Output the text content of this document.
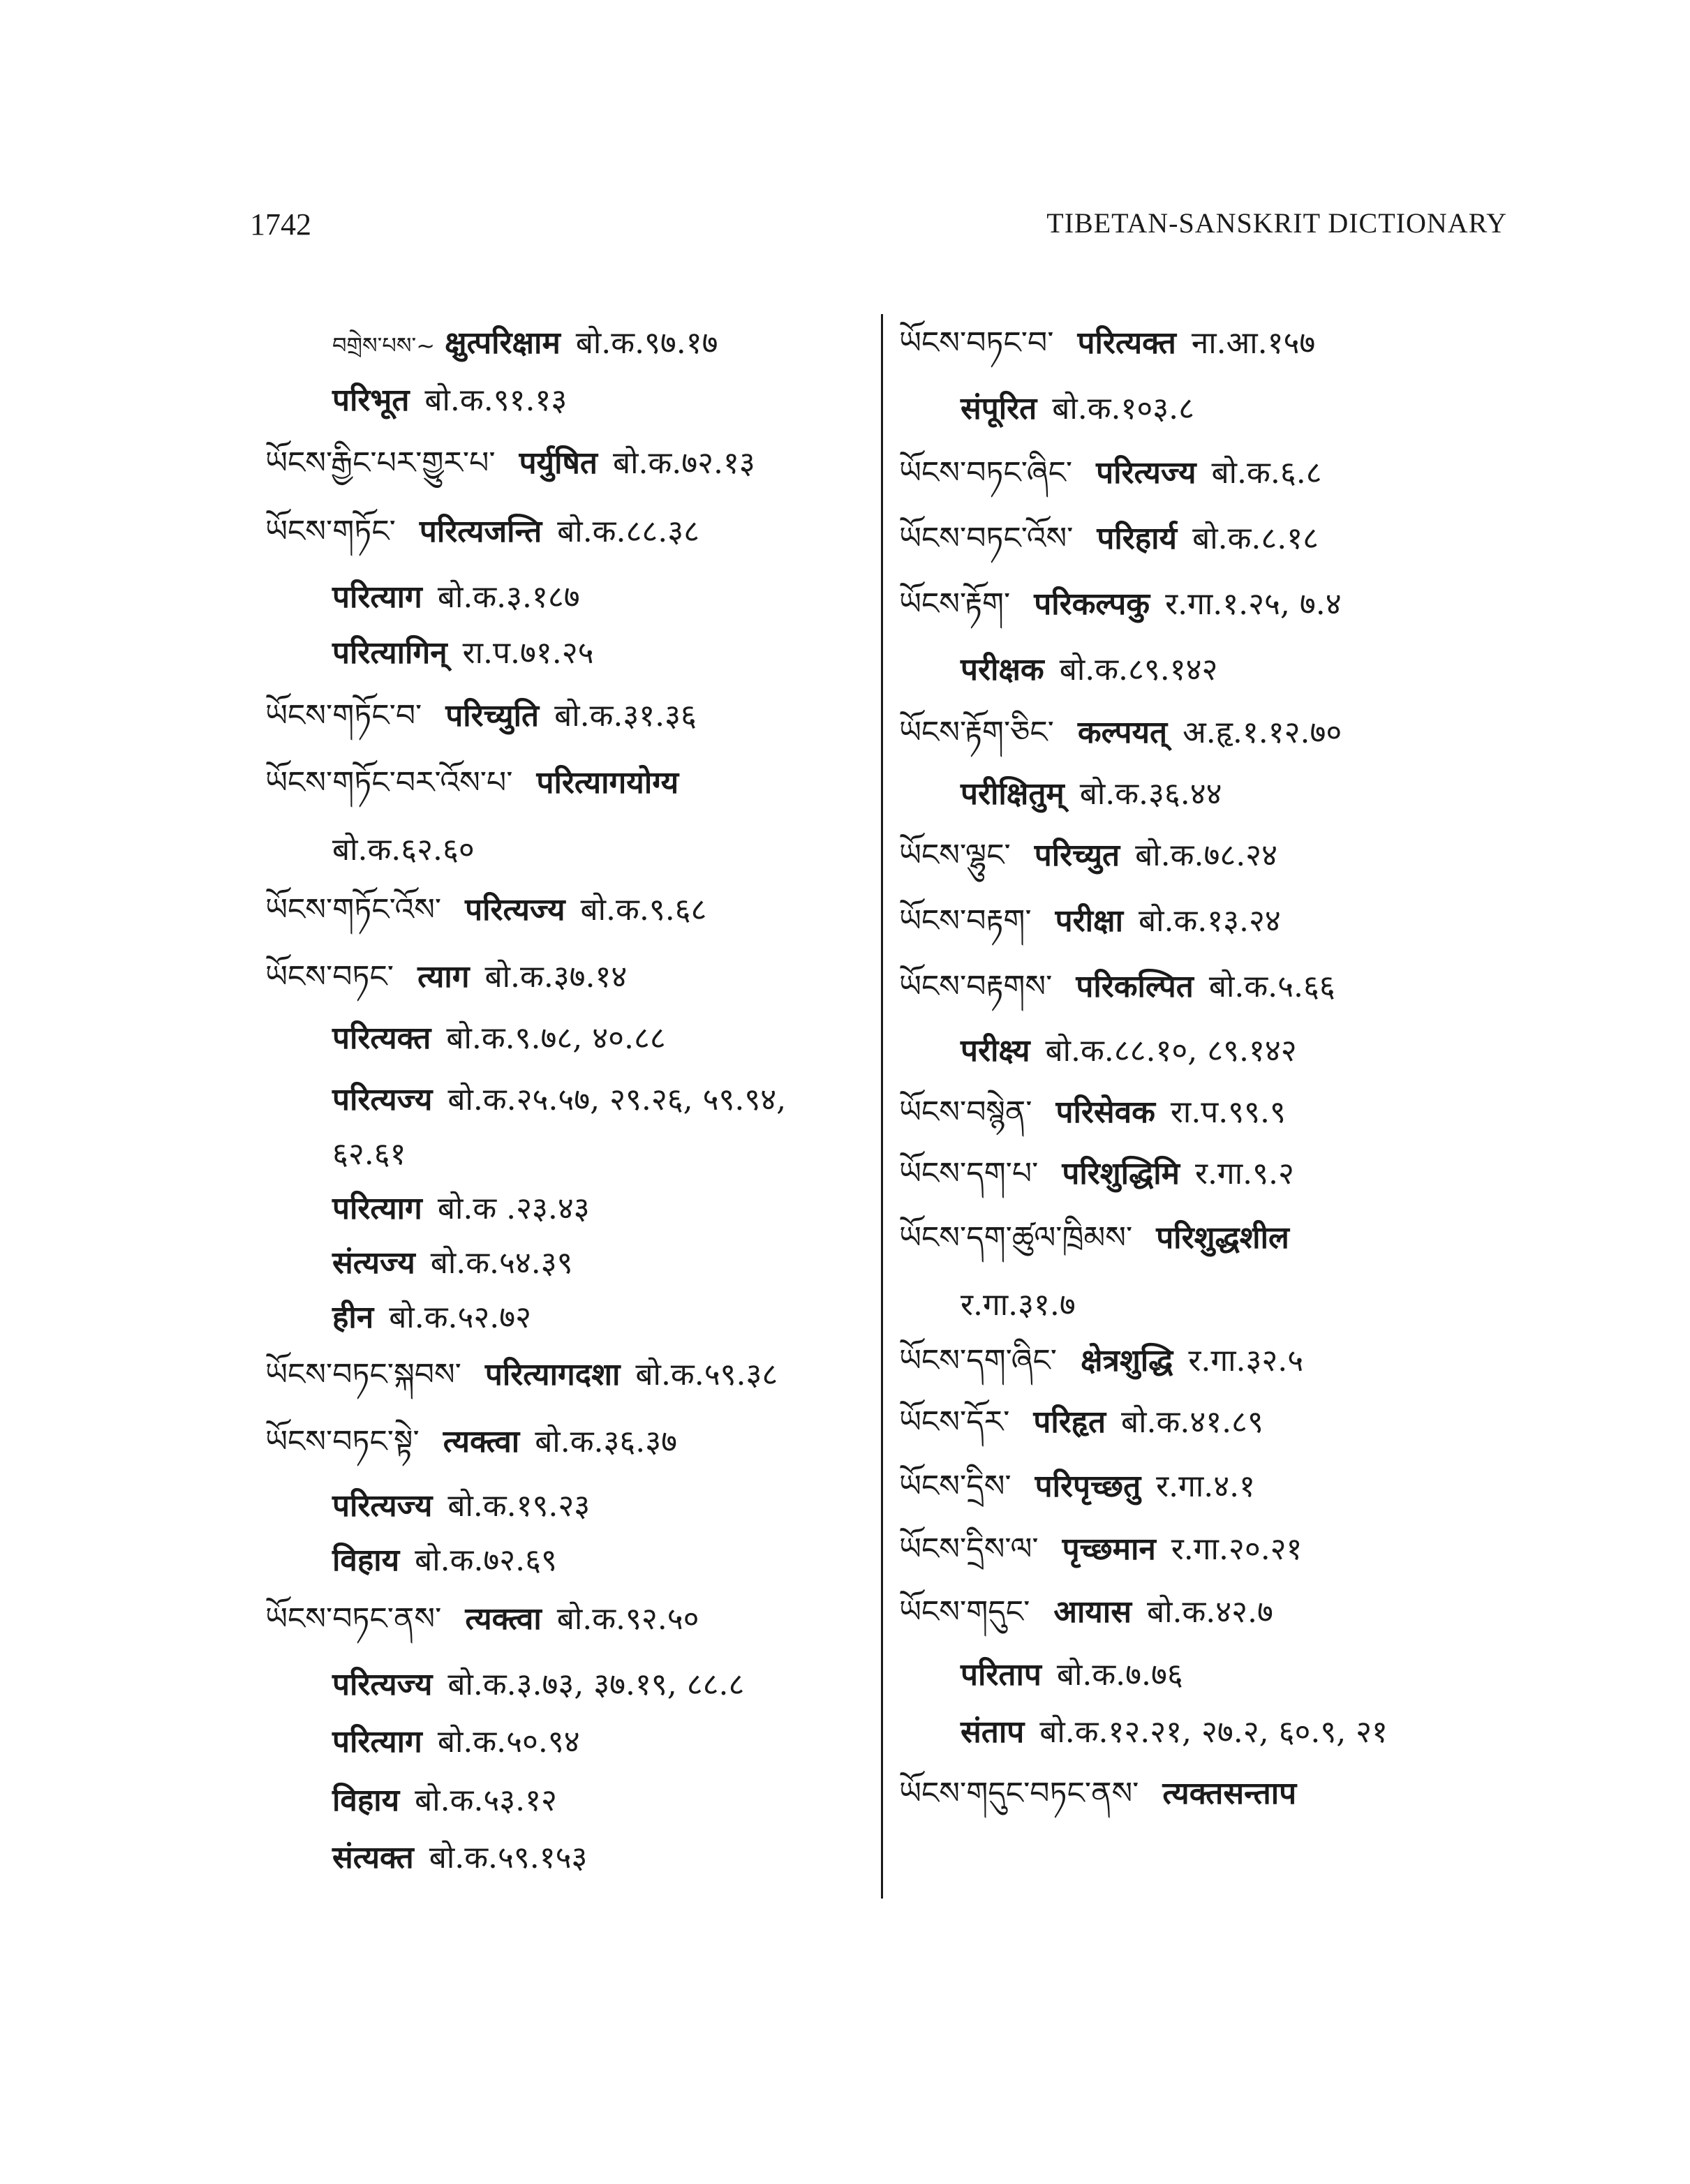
1742	TIBETAN-SANSKRIT DICTIONARY
བགྲེས་པས་~ क्षुत्परिक्षाम बो.क.९७.१७
परिभूत बो.क.९१.१३
ཡོངས་རྒྱིང་པར་གྱུར་པ་ पर्युषित बो.क.७२.१३
ཡོངས་གཏོང་ परित्यजन्ति बो.क.८८.३८
परित्याग बो.क.३.१८७
परित्यागिन् रा.प.७१.२५
ཡོངས་གཏོང་བ་ परिच्युति बो.क.३१.३६
ཡོངས་གཏོང་བར་འོས་པ་ परित्यागयोग्य
बो.क.६२.६०
ཡོངས་གཏོང་འོས་ परित्यज्य बो.क.९.६८
ཡོངས་བཏང་ त्याग बो.क.३७.१४
परित्यक्त बो.क.९.७८, ४०.८८
परित्यज्य बो.क.२५.५७, २९.२६, ५९.९४,
६२.६१
परित्याग बो.क .२३.४३
संत्यज्य बो.क.५४.३९
हीन बो.क.५२.७२
ཡོངས་བཏང་སྐབས་ परित्यागदशा बो.क.५९.३८
ཡོངས་བཏང་སྟེ་ त्यक्त्वा बो.क.३६.३७
परित्यज्य बो.क.१९.२३
विहाय बो.क.७२.६९
ཡོངས་བཏང་ནས་ त्यक्त्वा बो.क.९२.५०
परित्यज्य बो.क.३.७३, ३७.१९, ८८.८
परित्याग बो.क.५०.९४
विहाय बो.क.५३.१२
संत्यक्त बो.क.५९.१५३
ཡོངས་བཏང་བ་ परित्यक्त ना.आ.१५७
संपूरित बो.क.१०३.८
ཡོངས་བཏང་ཞིང་ परित्यज्य बो.क.६.८
ཡོངས་བཏང་འོས་ परिहार्य बो.क.८.१८
ཡོངས་རྟོག་ परिकल्पकु र.गा.१.२५, ७.४
परीक्षक बो.क.८९.१४२
ཡོངས་རྟོག་ཅིང་ कल्पयत् अ.हृ.१.१२.७०
परीक्षितुम् बो.क.३६.४४
ཡོངས་ལྷུང་ परिच्युत बो.क.७८.२४
ཡོངས་བརྟག་ परीक्षा बो.क.१३.२४
ཡོངས་བརྟགས་ परिकल्पित बो.क.५.६६
परीक्ष्य बो.क.८८.१०, ८९.१४२
ཡོངས་བསྙེན་ परिसेवक रा.प.९९.९
ཡོངས་དག་པ་ परिशुद्धिमि र.गा.९.२
ཡོངས་དག་ཚུལ་ཁྲིམས་ परिशुद्धशील
र.गा.३१.७
ཡོངས་དག་ཞིང་ क्षेत्रशुद्धि र.गा.३२.५
ཡོངས་དོར་ परिहृत बो.क.४१.८९
ཡོངས་དྲིས་ परिपृच्छतु र.गा.४.१
ཡོངས་དྲིས་ལ་ पृच्छमान र.गा.२०.२१
ཡོངས་གདུང་ आयास बो.क.४२.७
परिताप बो.क.७.७६
संताप बो.क.१२.२१, २७.२, ६०.९, २१
ཡོངས་གདུང་བཏང་ནས་ त्यक्तसन्ताप
